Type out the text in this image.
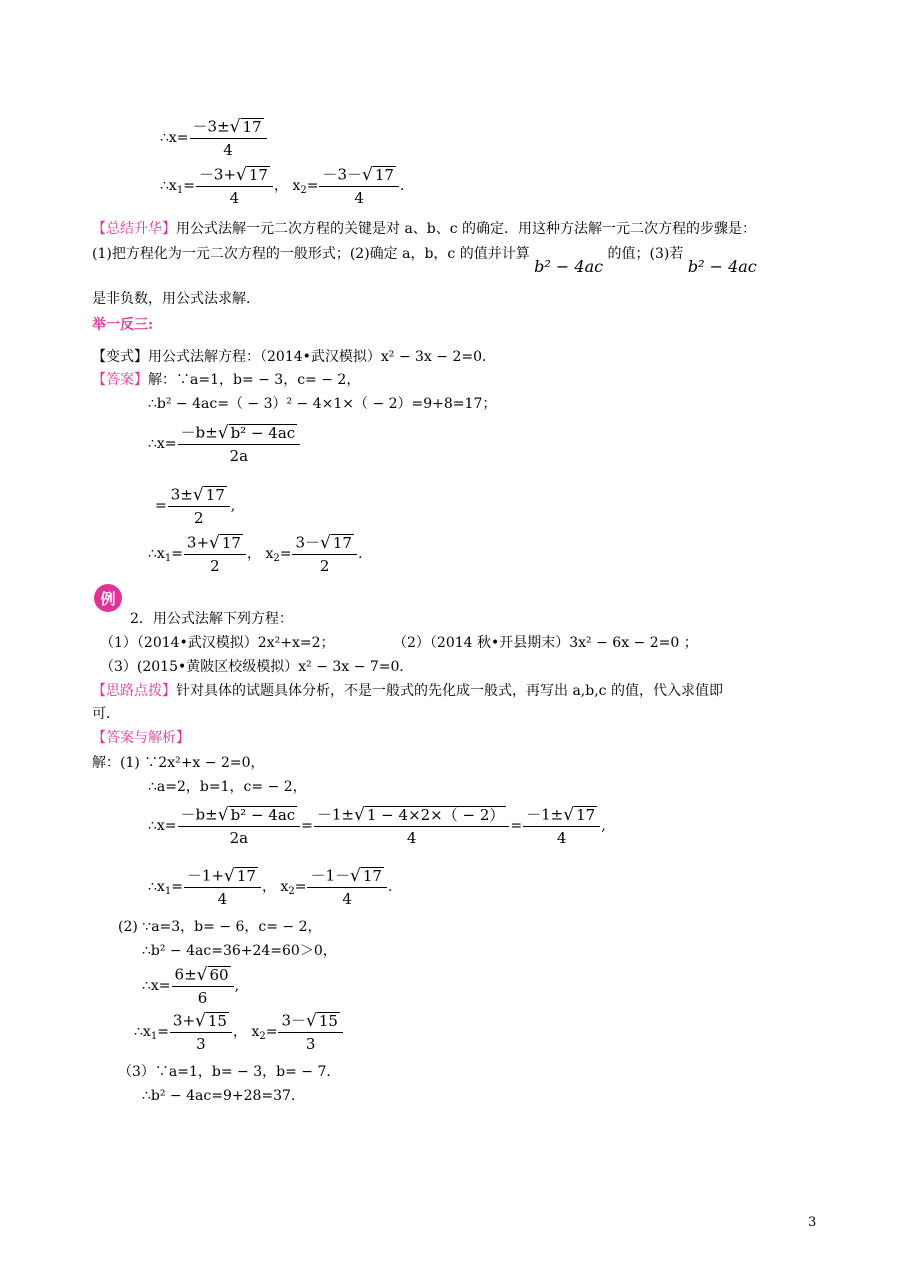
∴x= $\frac{-3\pm √ 17}{4}$
$\therefore x_1= \frac{-3+ √ 17}{4}$ ， $x_2= \frac{-3- √ 17}{4}$ .
【总结升华】用公式法解一元二次方程的关键是对 a、b、c 的确定．用这种方法解一元二次方程的步骤是：
(1)把方程化为一元二次方程的一般形式；(2)确定 a，b，c 的值并计算 b² − 4ac 的值；(3)若 b² − 4ac
是非负数，用公式法求解．
举一反三:
【变式】用公式法解方程：（2014•武汉模拟）x² − 3x − 2=0．
【答案】解：∵a=1，b= − 3，c= − 2，
∴b² − 4ac=（ − 3）² − 4×1×（ − 2）=9+8=17；
∴x= $\frac{\text{－b± √ b² − 4ac}}{2a}$
= $\frac{3\pm √ 17}{2}$ ,
$\therefore x_1= \frac{3+ √ 17}{2}$ ， $x_2= \frac{3- √ 17}{2}$ .
例
2．用公式法解下列方程：
（1）（2014•武汉模拟）2x²+x=2；	（2）（2014 秋•开县期末）3x² − 6x − 2=0 ；
（3）(2015•黄陂区校级模拟）x² − 3x − 7=0．
【思路点拨】针对具体的试题具体分析，不是一般式的先化成一般式，再写出 a,b,c 的值，代入求值即
可．
【答案与解析】
解：(1) ∵2x²+x − 2=0，
∴a=2，b=1，c= − 2，
∴x= $\frac{\text{－b± √ b² − 4ac}}{2a} = \frac{-1\pm √ 1 - 4\times 2\times( - 2)}{4} = \frac{-1\pm √ 17}{4}$ ,
$\therefore x_1= \frac{-1+ √ 17}{4}$ ， $x_2= \frac{-1- √ 17}{4}$ .
(2) ∵a=3，b= − 6，c= − 2，
∴b² − 4ac=36+24=60＞0，
∴x= $\frac{6\pm √ 60}{6}$ ,
$\therefore x_1= \frac{3+ √ 15}{3}$ ， $x_2= \frac{3- √ 15}{3}$
（3）∵a=1，b= − 3，b= − 7．
∴b² − 4ac=9+28=37．
3
